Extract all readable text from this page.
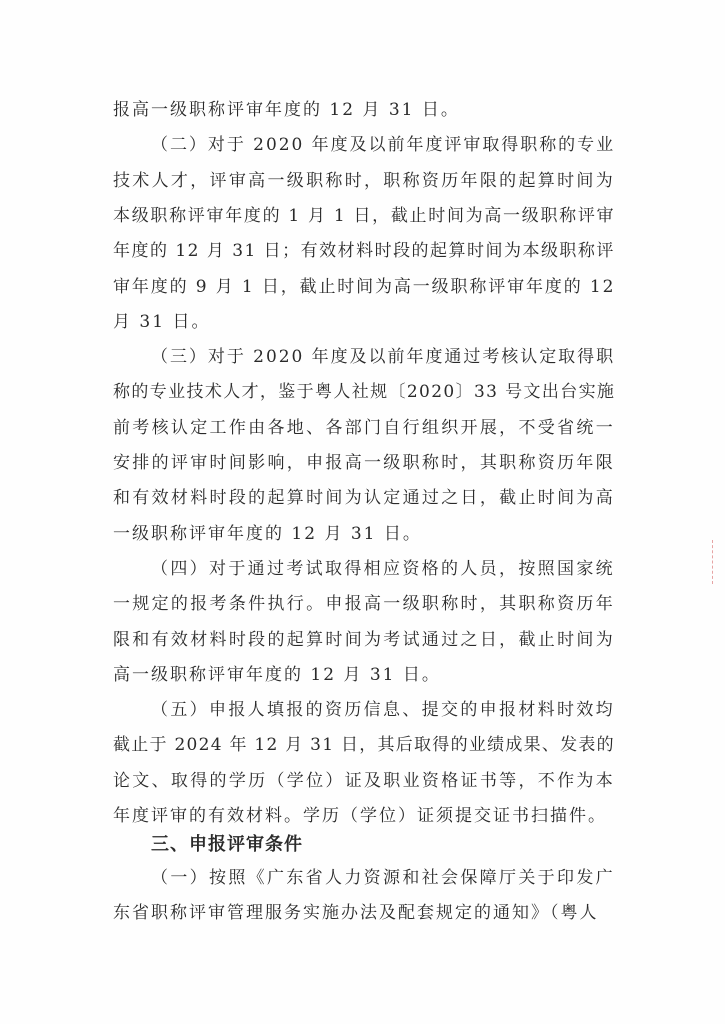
报高一级职称评审年度的 12 月 31 日。
（二）对于 2020 年度及以前年度评审取得职称的专业
技术人才，评审高一级职称时，职称资历年限的起算时间为
本级职称评审年度的 1 月 1 日，截止时间为高一级职称评审
年度的 12 月 31 日；有效材料时段的起算时间为本级职称评
审年度的 9 月 1 日，截止时间为高一级职称评审年度的 12
月 31 日。
（三）对于 2020 年度及以前年度通过考核认定取得职
称的专业技术人才，鉴于粤人社规〔2020〕33 号文出台实施
前考核认定工作由各地、各部门自行组织开展，不受省统一
安排的评审时间影响，申报高一级职称时，其职称资历年限
和有效材料时段的起算时间为认定通过之日，截止时间为高
一级职称评审年度的 12 月 31 日。
（四）对于通过考试取得相应资格的人员，按照国家统
一规定的报考条件执行。申报高一级职称时，其职称资历年
限和有效材料时段的起算时间为考试通过之日，截止时间为
高一级职称评审年度的 12 月 31 日。
（五）申报人填报的资历信息、提交的申报材料时效均
截止于 2024 年 12 月 31 日，其后取得的业绩成果、发表的
论文、取得的学历（学位）证及职业资格证书等，不作为本
年度评审的有效材料。学历（学位）证须提交证书扫描件。
三、申报评审条件
（一）按照《广东省人力资源和社会保障厅关于印发广
东省职称评审管理服务实施办法及配套规定的通知》（粤人
